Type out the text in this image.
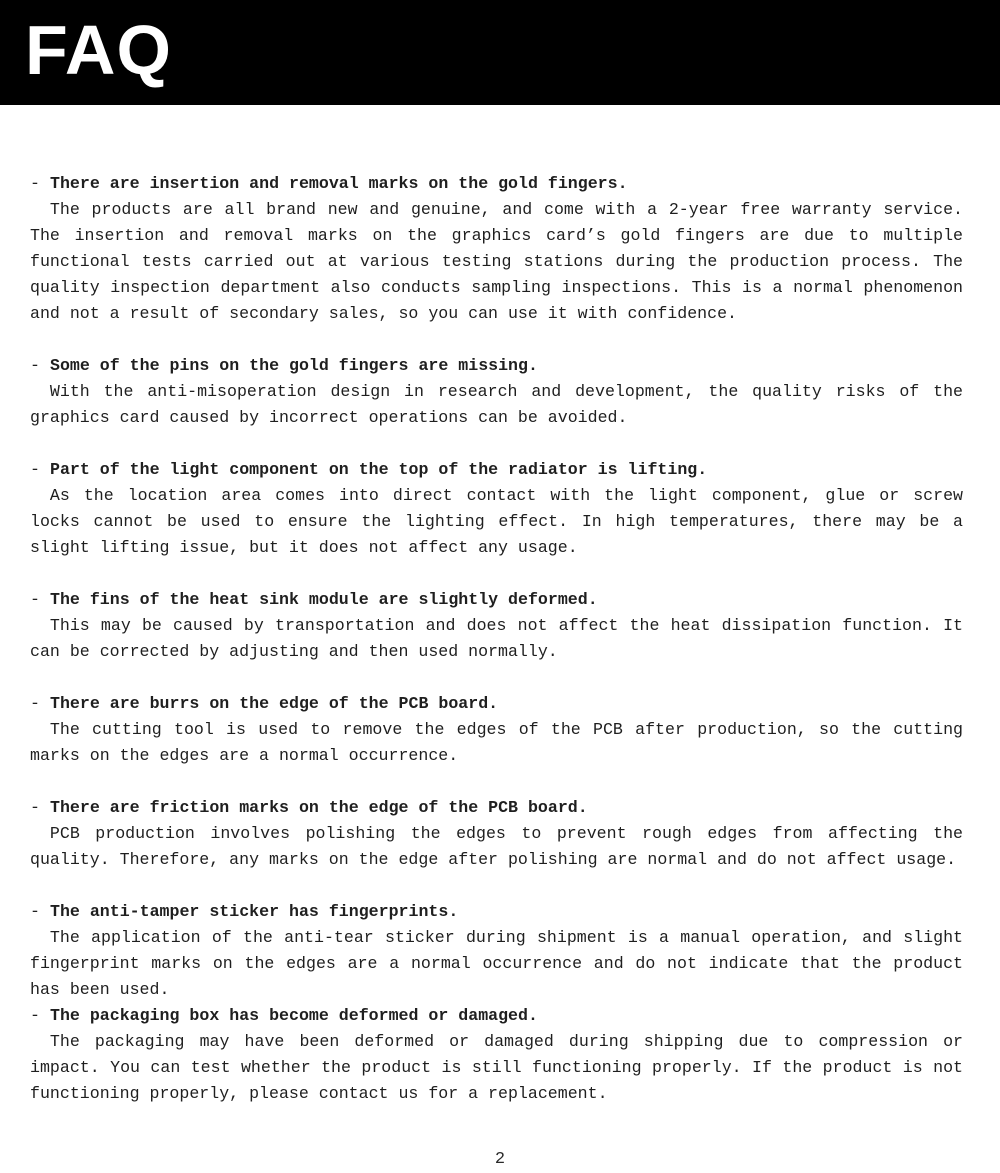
FAQ
- There are insertion and removal marks on the gold fingers.

The products are all brand new and genuine, and come with a 2-year free warranty service. The insertion and removal marks on the graphics card’s gold fingers are due to multiple functional tests carried out at various testing stations during the production process. The quality inspection department also conducts sampling inspections. This is a normal phenomenon and not a result of secondary sales, so you can use it with confidence.

- Some of the pins on the gold fingers are missing.

With the anti-misoperation design in research and development, the quality risks of the graphics card caused by incorrect operations can be avoided.

- Part of the light component on the top of the radiator is lifting.

As the location area comes into direct contact with the light component, glue or screw locks cannot be used to ensure the lighting effect. In high temperatures, there may be a slight lifting issue, but it does not affect any usage.

- The fins of the heat sink module are slightly deformed.

This may be caused by transportation and does not affect the heat dissipation function. It can be corrected by adjusting and then used normally.

- There are burrs on the edge of the PCB board.

The cutting tool is used to remove the edges of the PCB after production, so the cutting marks on the edges are a normal occurrence.

- There are friction marks on the edge of the PCB board.

PCB production involves polishing the edges to prevent rough edges from affecting the quality. Therefore, any marks on the edge after polishing are normal and do not affect usage.

- The anti-tamper sticker has fingerprints.

The application of the anti-tear sticker during shipment is a manual operation, and slight fingerprint marks on the edges are a normal occurrence and do not indicate that the product has been used.

- The packaging box has become deformed or damaged.

The packaging may have been deformed or damaged during shipping due to compression or impact. You can test whether the product is still functioning properly. If the product is not functioning properly, please contact us for a replacement.

2
